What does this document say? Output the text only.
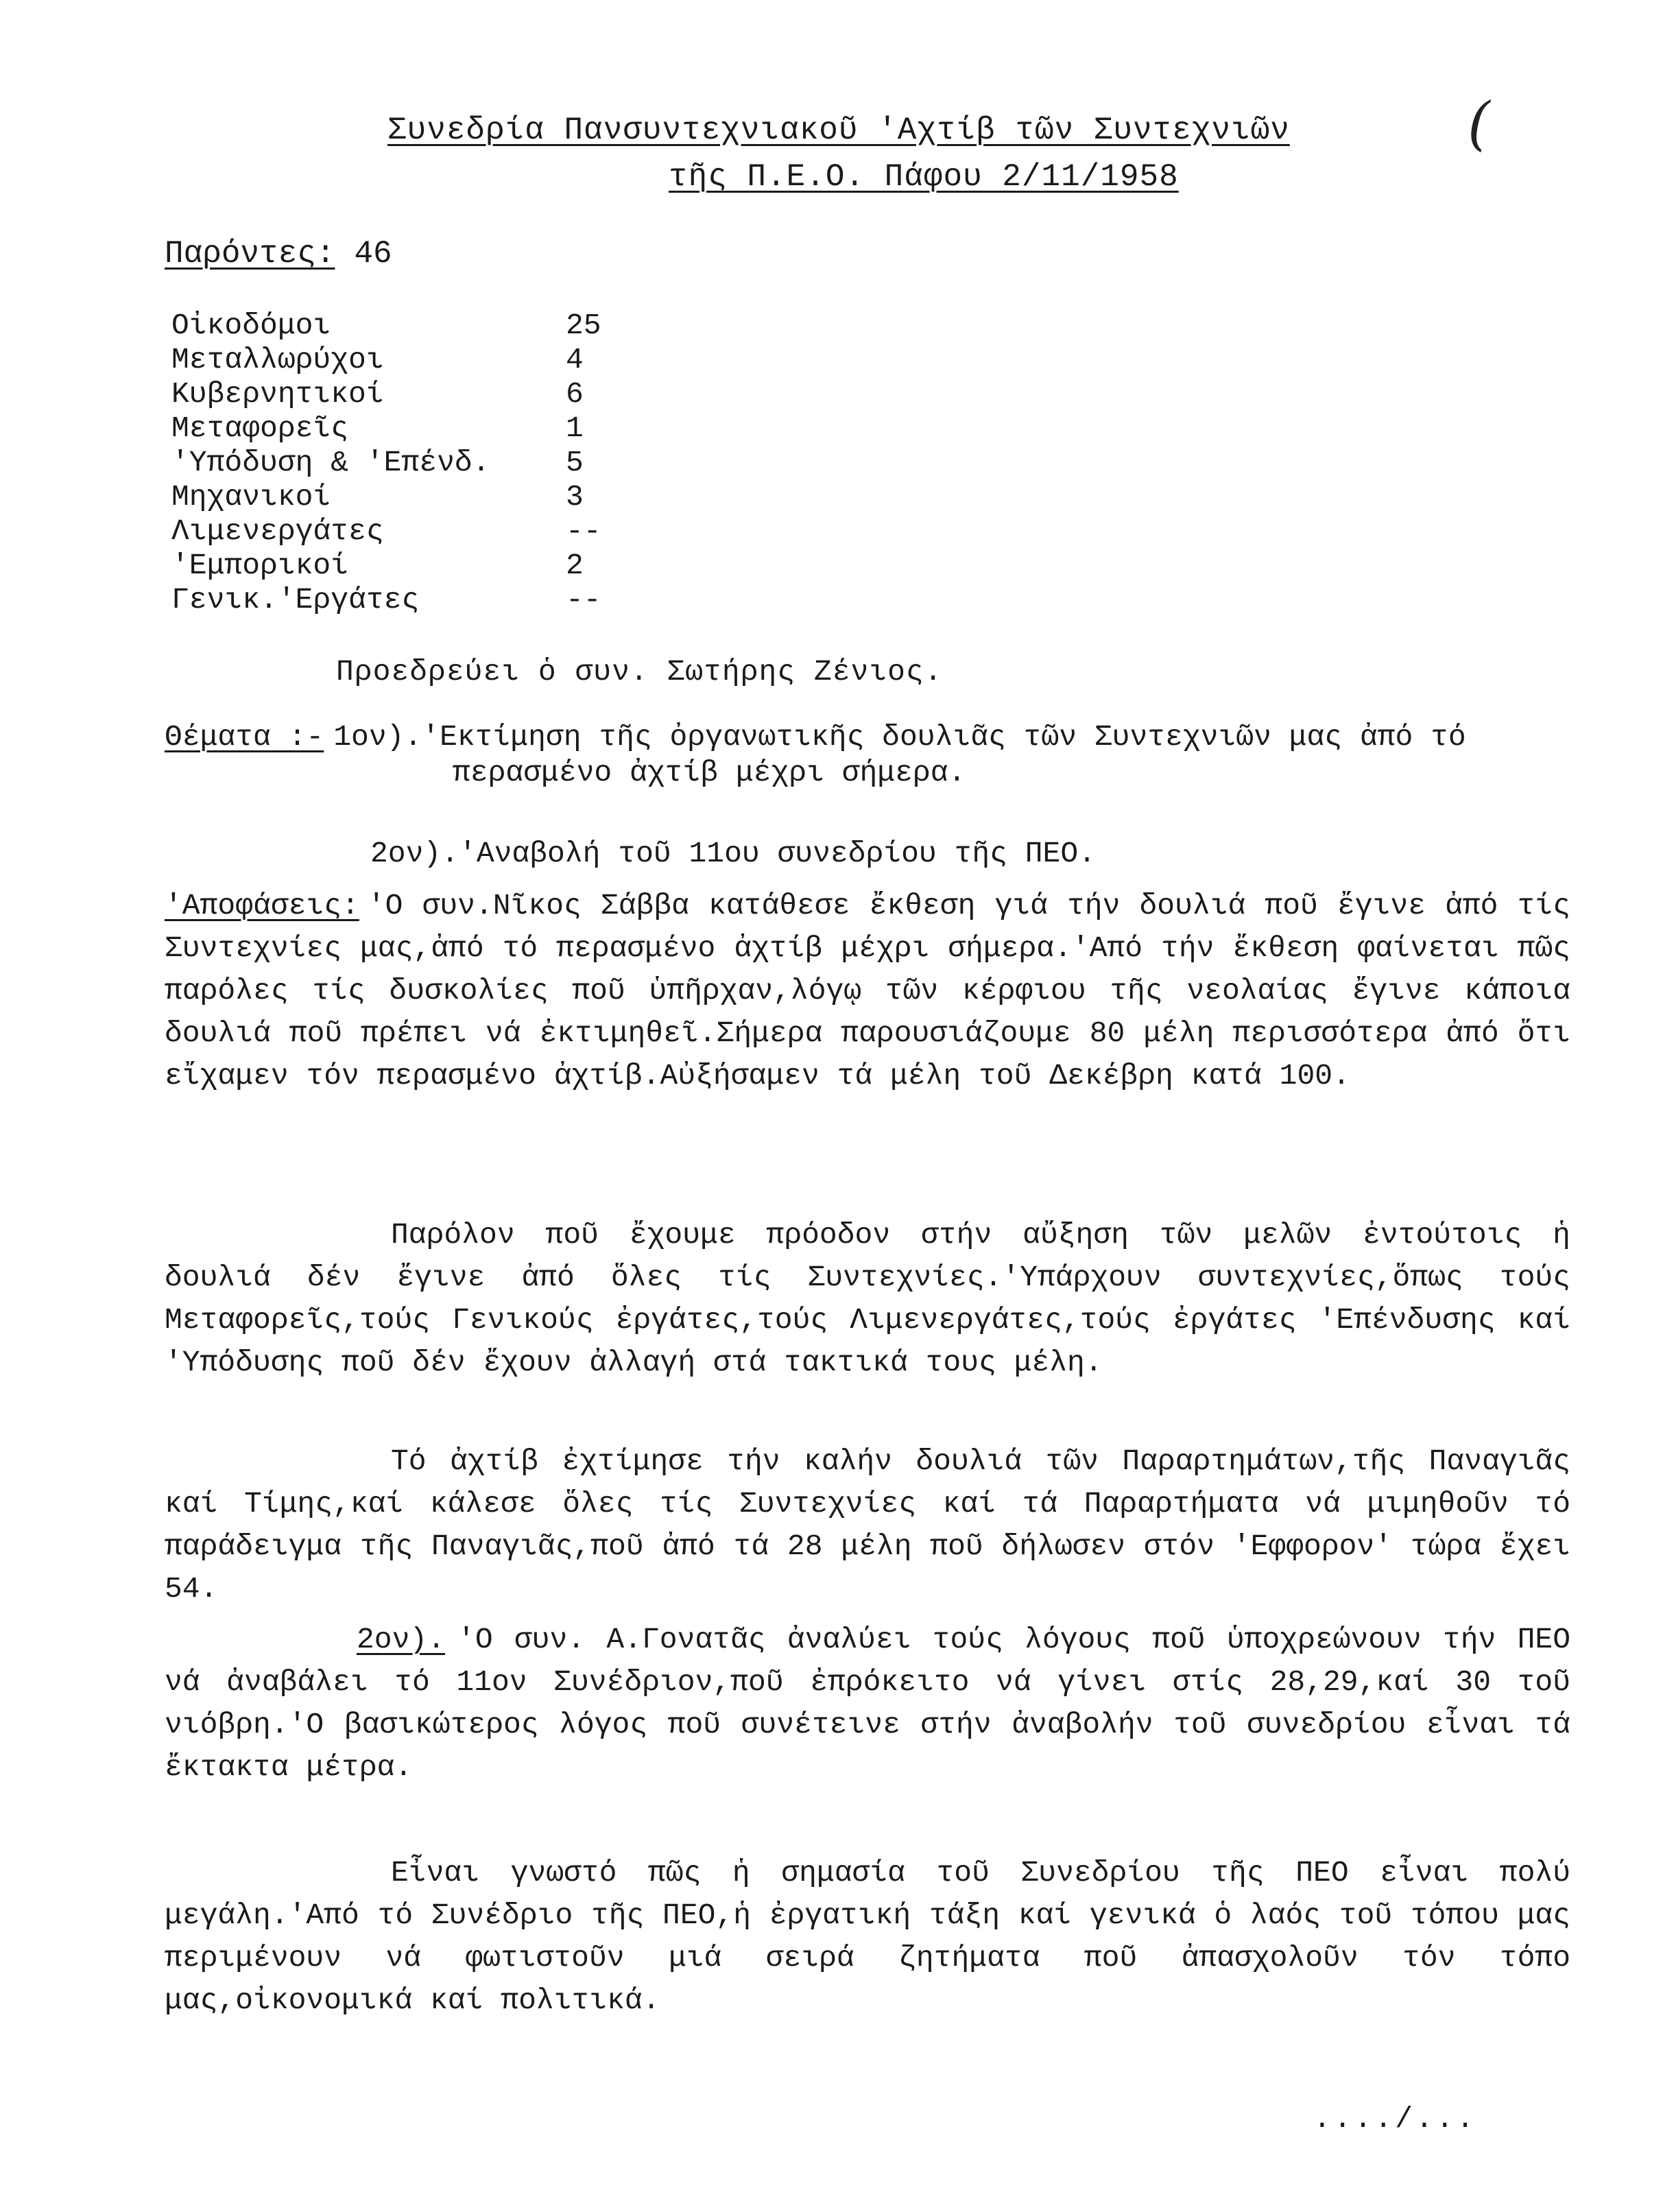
Συνεδρία Πανσυντεχνιακοῦ 'Αχτίβ τῶν Συντεχνιῶν
τῆς Π.Ε.Ο. Πάφου 2/11/1958
(
Παρόντες: 46
Οἰκοδόμοι	25
Μεταλλωρύχοι	4
Κυβερνητικοί	6
Μεταφορεῖς	1
'Υπόδυση & 'Επένδ.	5
Μηχανικοί	3
Λιμενεργάτες	--
'Εμπορικοί	2
Γενικ.'Εργάτες	--
Προεδρεύει ὁ συν. Σωτήρης Ζένιος.
Θέματα :- 1ον).'Εκτίμηση τῆς ὀργανωτικῆς δουλιᾶς τῶν Συντεχνιῶν μας ἀπό τό
περασμένο ἀχτίβ μέχρι σήμερα.
2ον).'Αναβολή τοῦ 11ου συνεδρίου τῆς ΠΕΟ.
'Αποφάσεις: 'Ο συν.Νῖκος Σάββα κατάθεσε ἔκθεση γιά τήν δουλιά ποῦ ἔγινε ἀπό τίς Συντεχνίες μας,ἀπό τό περασμένο ἀχτίβ μέχρι σήμερα.'Από τήν ἔκθεση φαίνεται πῶς παρόλες τίς δυσκολίες ποῦ ὑπῆρχαν,λόγῳ τῶν κέρφιου τῆς νεολαίας ἔγινε κάποια δουλιά ποῦ πρέπει νά ἐκτιμηθεῖ.Σήμερα παρουσιάζουμε 80 μέλη περισσότερα ἀπό ὅτι εἴχαμεν τόν περασμένο ἀχτίβ.Αὐξήσαμεν τά μέλη τοῦ Δεκέβρη κατά 100.
Παρόλον ποῦ ἔχουμε πρόοδον στήν αὔξηση τῶν μελῶν ἐντούτοις ἡ δουλιά δέν ἔγινε ἀπό ὅλες τίς Συντεχνίες.'Υπάρχουν συντεχνίες,ὅπως τούς Μεταφορεῖς,τούς Γενικούς ἐργάτες,τούς Λιμενεργάτες,τούς ἐργάτες 'Επένδυσης καί 'Υπόδυσης ποῦ δέν ἔχουν ἀλλαγή στά τακτικά τους μέλη.
Τό ἀχτίβ ἐχτίμησε τήν καλήν δουλιά τῶν Παραρτημάτων,τῆς Παναγιᾶς καί Τίμης,καί κάλεσε ὅλες τίς Συντεχνίες καί τά Παραρτήματα νά μιμηθοῦν τό παράδειγμα τῆς Παναγιᾶς,ποῦ ἀπό τά 28 μέλη ποῦ δήλωσεν στόν 'Εφφορον' τώρα ἔχει 54.
2ον). 'Ο συν. Α.Γονατᾶς ἀναλύει τούς λόγους ποῦ ὑποχρεώνουν τήν ΠΕΟ νά ἀναβάλει τό 11ον Συνέδριον,ποῦ ἐπρόκειτο νά γίνει στίς 28,29,καί 30 τοῦ νιόβρη.'Ο βασικώτερος λόγος ποῦ συνέτεινε στήν ἀναβολήν τοῦ συνεδρίου εἶναι τά ἔκτακτα μέτρα.
Εἶναι γνωστό πῶς ἡ σημασία τοῦ Συνεδρίου τῆς ΠΕΟ εἶναι πολύ μεγάλη.'Από τό Συνέδριο τῆς ΠΕΟ,ἡ ἐργατική τάξη καί γενικά ὁ λαός τοῦ τόπου μας περιμένουν νά φωτιστοῦν μιά σειρά ζητήματα ποῦ ἀπασχολοῦν τόν τόπο μας,οἰκονομικά καί πολιτικά.
..../...
